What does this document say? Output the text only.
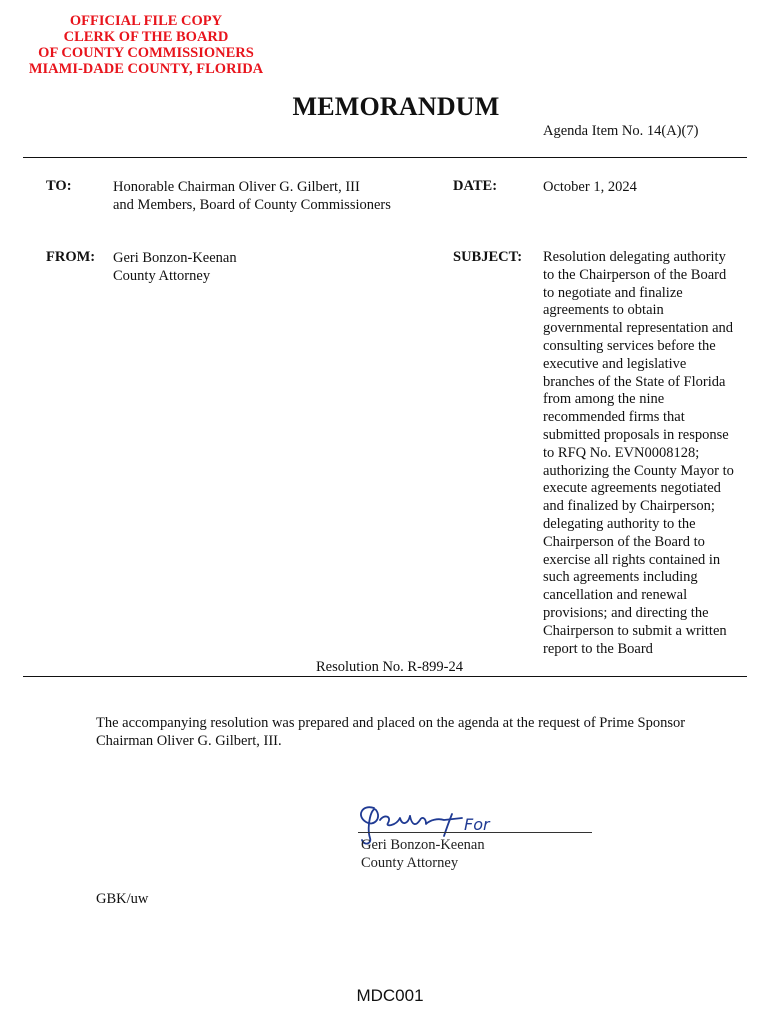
OFFICIAL FILE COPY
CLERK OF THE BOARD
OF COUNTY COMMISSIONERS
MIAMI-DADE COUNTY, FLORIDA
MEMORANDUM
Agenda Item No. 14(A)(7)
TO:	Honorable Chairman Oliver G. Gilbert, III
and Members, Board of County Commissioners
DATE:	October 1, 2024
FROM: Geri Bonzon-Keenan
County Attorney
SUBJECT: Resolution delegating authority
to the Chairperson of the Board
to negotiate and finalize
agreements to obtain
governmental representation and
consulting services before the
executive and legislative
branches of the State of Florida
from among the nine
recommended firms that
submitted proposals in response
to RFQ No. EVN0008128;
authorizing the County Mayor to
execute agreements negotiated
and finalized by Chairperson;
delegating authority to the
Chairperson of the Board to
exercise all rights contained in
such agreements including
cancellation and renewal
provisions; and directing the
Chairperson to submit a written
report to the Board
Resolution No. R-899-24
The accompanying resolution was prepared and placed on the agenda at the request of Prime Sponsor
Chairman Oliver G. Gilbert, III.
For
Geri Bonzon-Keenan
County Attorney
GBK/uw
MDC001
